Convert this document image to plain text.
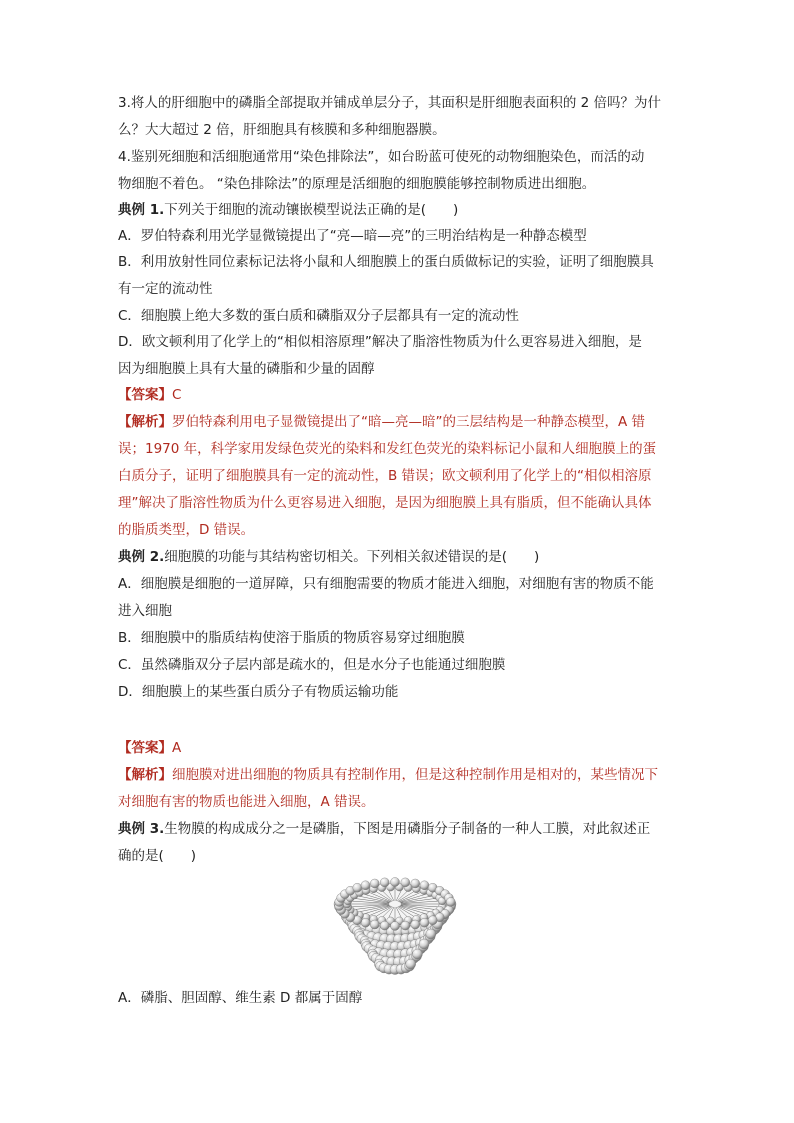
3.将人的肝细胞中的磷脂全部提取并铺成单层分子，其面积是肝细胞表面积的 2 倍吗？为什
么？大大超过 2 倍，肝细胞具有核膜和多种细胞器膜。
4.鉴别死细胞和活细胞通常用“染色排除法”，如台盼蓝可使死的动物细胞染色，而活的动
物细胞不着色。 “染色排除法”的原理是活细胞的细胞膜能够控制物质进出细胞。
典例 1.下列关于细胞的流动镶嵌模型说法正确的是(　　)
A．罗伯特森利用光学显微镜提出了“亮—暗—亮”的三明治结构是一种静态模型
B．利用放射性同位素标记法将小鼠和人细胞膜上的蛋白质做标记的实验，证明了细胞膜具
有一定的流动性
C．细胞膜上绝大多数的蛋白质和磷脂双分子层都具有一定的流动性
D．欧文顿利用了化学上的“相似相溶原理”解决了脂溶性物质为什么更容易进入细胞，是
因为细胞膜上具有大量的磷脂和少量的固醇
【答案】C
【解析】罗伯特森利用电子显微镜提出了“暗—亮—暗”的三层结构是一种静态模型，A 错
误；1970 年，科学家用发绿色荧光的染料和发红色荧光的染料标记小鼠和人细胞膜上的蛋
白质分子，证明了细胞膜具有一定的流动性，B 错误；欧文顿利用了化学上的“相似相溶原
理”解决了脂溶性物质为什么更容易进入细胞，是因为细胞膜上具有脂质，但不能确认具体
的脂质类型，D 错误。
典例 2.细胞膜的功能与其结构密切相关。下列相关叙述错误的是(　　)
A．细胞膜是细胞的一道屏障，只有细胞需要的物质才能进入细胞，对细胞有害的物质不能
进入细胞
B．细胞膜中的脂质结构使溶于脂质的物质容易穿过细胞膜
C．虽然磷脂双分子层内部是疏水的，但是水分子也能通过细胞膜
D．细胞膜上的某些蛋白质分子有物质运输功能
【答案】A
【解析】细胞膜对进出细胞的物质具有控制作用，但是这种控制作用是相对的，某些情况下
对细胞有害的物质也能进入细胞，A 错误。
典例 3.生物膜的构成成分之一是磷脂，下图是用磷脂分子制备的一种人工膜，对此叙述正
确的是(　　)
A．磷脂、胆固醇、维生素 D 都属于固醇
